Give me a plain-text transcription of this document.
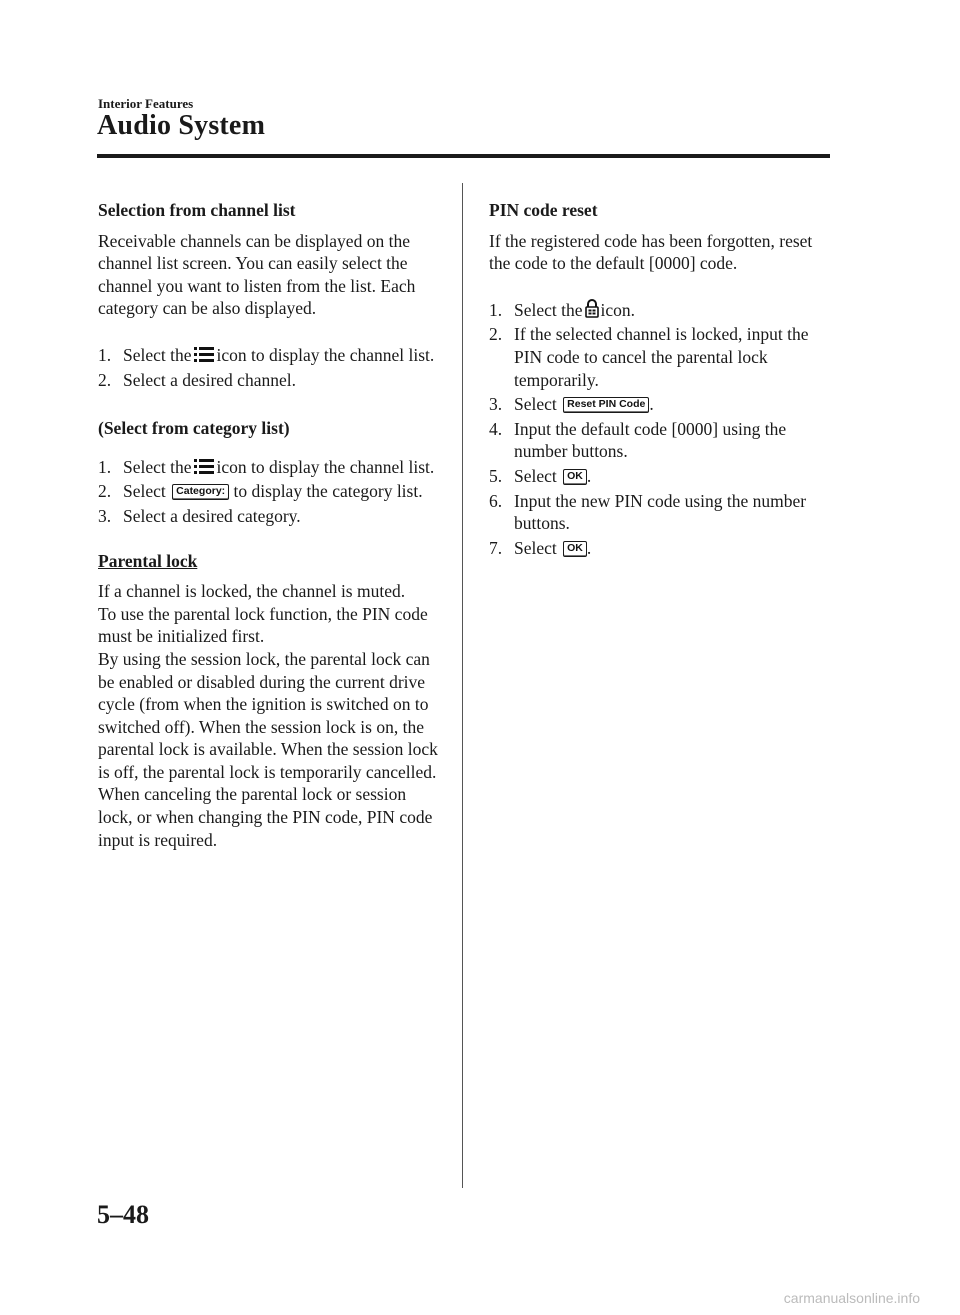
Interior Features
Audio System

Selection from channel list

Receivable channels can be displayed on the channel list screen. You can easily select the channel you want to listen from the list. Each category can be also displayed.

1. Select the icon to display the channel list.
2. Select a desired channel.

(Select from category list)

1. Select the icon to display the channel list.
2. Select Category: to display the category list.
3. Select a desired category.

Parental lock

If a channel is locked, the channel is muted.

To use the parental lock function, the PIN code must be initialized first.

By using the session lock, the parental lock can be enabled or disabled during the current drive cycle (from when the ignition is switched on to switched off). When the session lock is on, the parental lock is available. When the session lock is off, the parental lock is temporarily cancelled.

When canceling the parental lock or session lock, or when changing the PIN code, PIN code input is required.

PIN code reset

If the registered code has been forgotten, reset the code to the default [0000] code.

1. Select the icon.
2. If the selected channel is locked, input the PIN code to cancel the parental lock temporarily.
3. Select Reset PIN Code .
4. Input the default code [0000] using the number buttons.
5. Select OK .
6. Input the new PIN code using the number buttons.
7. Select OK .
5–48
carmanualsonline.info
